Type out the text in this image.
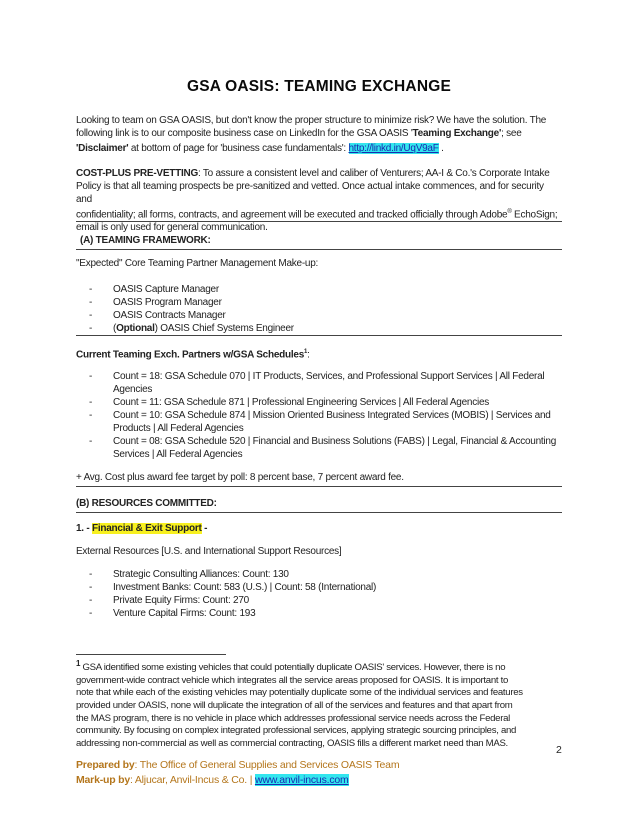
GSA OASIS: TEAMING EXCHANGE
Looking to team on GSA OASIS, but don't know the proper structure to minimize risk? We have the solution. The
following link is to our composite business case on LinkedIn for the GSA OASIS 'Teaming Exchange'; see
'Disclaimer' at bottom of page for 'business case fundamentals': http://linkd.in/UqV9aF .
COST-PLUS PRE-VETTING: To assure a consistent level and caliber of Venturers; AA-I & Co.'s Corporate Intake
Policy is that all teaming prospects be pre-sanitized and vetted. Once actual intake commences, and for security and
confidentiality; all forms, contracts, and agreement will be executed and tracked officially through Adobe® EchoSign;
email is only used for general communication.
(A) TEAMING FRAMEWORK:
"Expected" Core Teaming Partner Management Make-up:
- OASIS Capture Manager
- OASIS Program Manager
- OASIS Contracts Manager
- (Optional) OASIS Chief Systems Engineer
Current Teaming Exch. Partners w/GSA Schedules$^1$:
- Count = 18: GSA Schedule 070 | IT Products, Services, and Professional Support Services | All Federal
Agencies
- Count = 11: GSA Schedule 871 | Professional Engineering Services | All Federal Agencies
- Count = 10: GSA Schedule 874 | Mission Oriented Business Integrated Services (MOBIS) | Services and
Products | All Federal Agencies
- Count = 08: GSA Schedule 520 | Financial and Business Solutions (FABS) | Legal, Financial & Accounting
Services | All Federal Agencies
+ Avg. Cost plus award fee target by poll: 8 percent base, 7 percent award fee.
(B) RESOURCES COMMITTED:
1. - Financial & Exit Support -
External Resources [U.S. and International Support Resources]
- Strategic Consulting Alliances: Count: 130
- Investment Banks: Count: 583 (U.S.) | Count: 58 (International)
- Private Equity Firms: Count: 270
- Venture Capital Firms: Count: 193
$^1$ GSA identified some existing vehicles that could potentially duplicate OASIS' services. However, there is no
government-wide contract vehicle which integrates all the service areas proposed for OASIS. It is important to
note that while each of the existing vehicles may potentially duplicate some of the individual services and features
provided under OASIS, none will duplicate the integration of all of the services and features and that apart from
the MAS program, there is no vehicle in place which addresses professional service needs across the Federal
community. By focusing on complex integrated professional services, applying strategic sourcing principles, and
addressing non-commercial as well as commercial contracting, OASIS fills a different market need than MAS.
2
Prepared by: The Office of General Supplies and Services OASIS Team
Mark-up by: Aljucar, Anvil-Incus & Co. | www.anvil-incus.com
